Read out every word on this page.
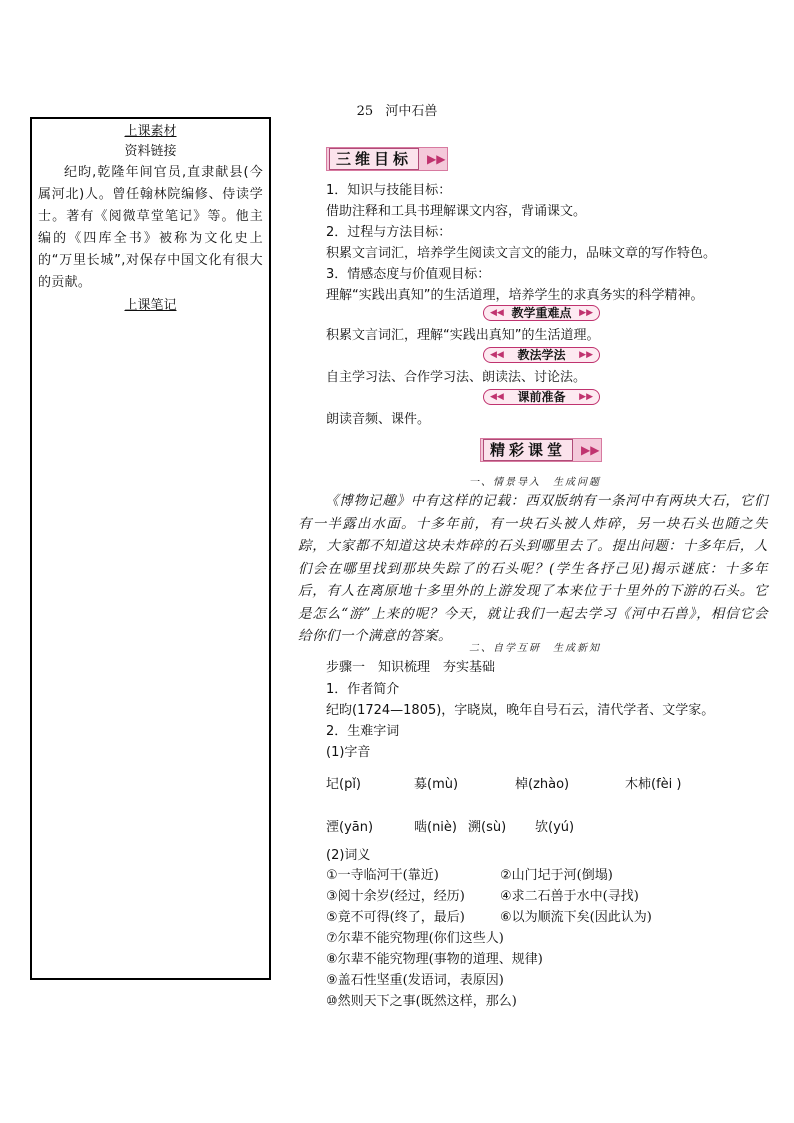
25 河中石兽
上课素材
资料链接
纪昀,乾隆年间官员,直隶献县(今属河北)人。曾任翰林院编修、侍读学士。著有《阅微草堂笔记》等。他主编的《四库全书》被称为文化史上的“万里长城”,对保存中国文化有很大的贡献。
上课笔记
三维目标	▶▶
1．知识与技能目标：
借助注释和工具书理解课文内容，背诵课文。
2．过程与方法目标：
积累文言词汇，培养学生阅读文言文的能力，品味文章的写作特色。
3．情感态度与价值观目标：
理解“实践出真知”的生活道理，培养学生的求真务实的科学精神。
◀◀ 教学重难点 ▶▶
积累文言词汇，理解“实践出真知”的生活道理。
◀◀ 教法学法 ▶▶
自主学习法、合作学习法、朗读法、讨论法。
◀◀ 课前准备 ▶▶
朗读音频、课件。
精彩课堂	▶▶
一、情景导入　生成问题
《博物记趣》中有这样的记载：西双版纳有一条河中有两块大石，它们有一半露出水面。十多年前，有一块石头被人炸碎，另一块石头也随之失踪，大家都不知道这块未炸碎的石头到哪里去了。提出问题：十多年后，人们会在哪里找到那块失踪了的石头呢？(学生各抒己见)揭示谜底：十多年后，有人在离原地十多里外的上游发现了本来位于十里外的下游的石头。它是怎么“游”上来的呢？今天，就让我们一起去学习《河中石兽》，相信它会给你们一个满意的答案。
二、自学互研　生成新知
步骤一　知识梳理　夯实基础
1．作者简介
纪昀(1724—1805)，字晓岚，晚年自号石云，清代学者、文学家。
2．生难字词
(1)字音
圮(pǐ)	募(mù)	棹(zhào)	木柿(fèi )
湮(yān)	啮(niè) 溯(sù) 欤(yú)
(2)词义
①一寺临河干(靠近)	②山门圮于河(倒塌)
③阅十余岁(经过，经历)	④求二石兽于水中(寻找)
⑤竟不可得(终了，最后)	⑥以为顺流下矣(因此认为)
⑦尔辈不能究物理(你们这些人)
⑧尔辈不能究物理(事物的道理、规律)
⑨盖石性坚重(发语词，表原因)
⑩然则天下之事(既然这样，那么)
